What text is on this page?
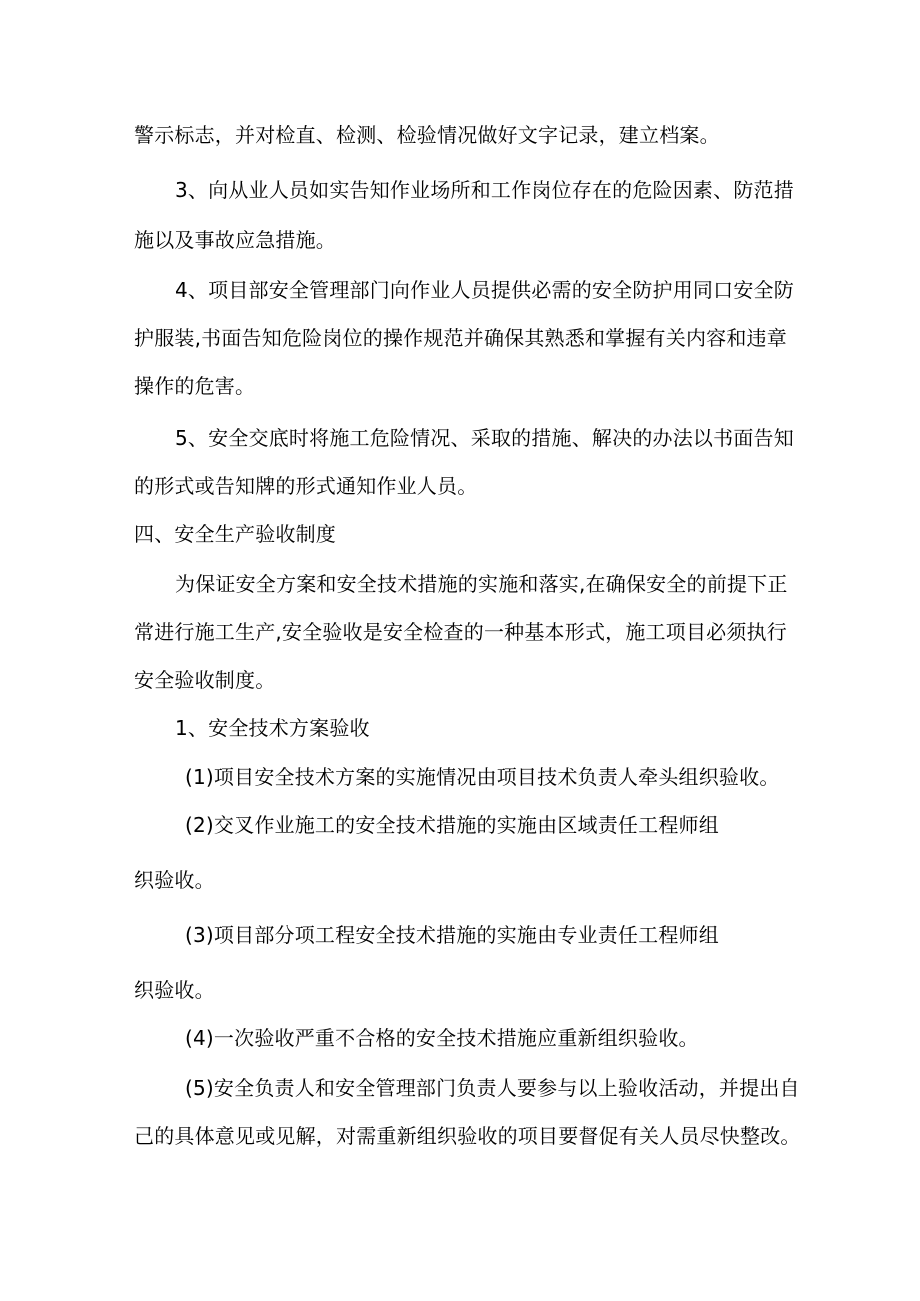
警示标志，并对检直、检测、检验情况做好文字记录，建立档案。

3、向从业人员如实告知作业场所和工作岗位存在的危险因素、防范措

施以及事故应急措施。

4、项目部安全管理部门向作业人员提供必需的安全防护用同口安全防

护服装,书面告知危险岗位的操作规范并确保其熟悉和掌握有关内容和违章

操作的危害。

5、安全交底时将施工危险情况、采取的措施、解决的办法以书面告知

的形式或告知牌的形式通知作业人员。

四、安全生产验收制度

为保证安全方案和安全技术措施的实施和落实,在确保安全的前提下正

常进行施工生产,安全验收是安全检查的一种基本形式，施工项目必须执行

安全验收制度。

1、安全技术方案验收

(1)项目安全技术方案的实施情况由项目技术负责人牵头组织验收。

(2)交叉作业施工的安全技术措施的实施由区域责任工程师组

织验收。

(3)项目部分项工程安全技术措施的实施由专业责任工程师组

织验收。

(4)一次验收严重不合格的安全技术措施应重新组织验收。

(5)安全负责人和安全管理部门负责人要参与以上验收活动，并提出自

己的具体意见或见解，对需重新组织验收的项目要督促有关人员尽快整改。
